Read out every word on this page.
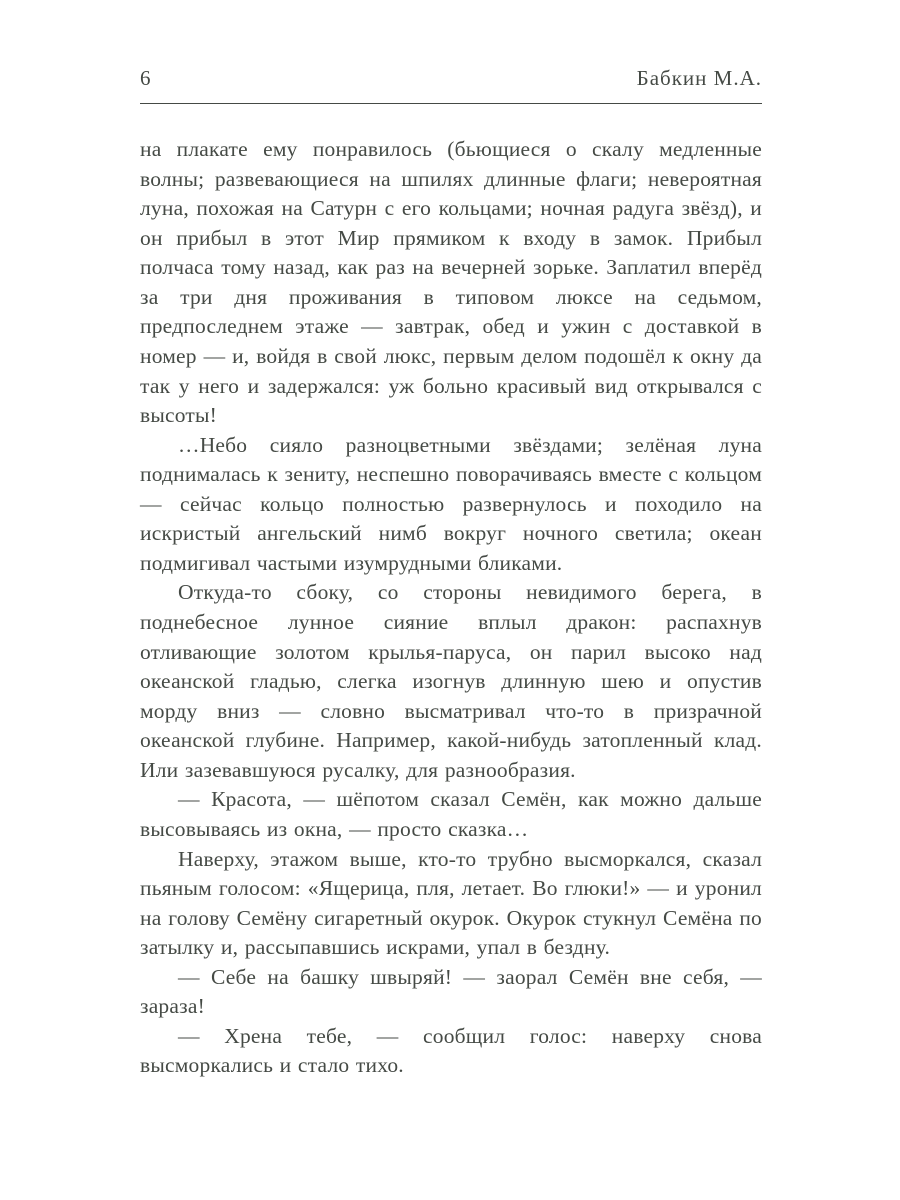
6	Бабкин М.А.

на плакате ему понравилось (бьющиеся о скалу медленные волны; развевающиеся на шпилях длинные флаги; невероятная луна, похожая на Сатурн с его кольцами; ночная радуга звёзд), и он прибыл в этот Мир прямиком к входу в замок. Прибыл полчаса тому назад, как раз на вечерней зорьке. Заплатил вперёд за три дня проживания в типовом люксе на седьмом, предпоследнем этаже — завтрак, обед и ужин с доставкой в номер — и, войдя в свой люкс, первым делом подошёл к окну да так у него и задержался: уж больно красивый вид открывался с высоты!

…Небо сияло разноцветными звёздами; зелёная луна поднималась к зениту, неспешно поворачиваясь вместе с кольцом — сейчас кольцо полностью развернулось и походило на искристый ангельский нимб вокруг ночного светила; океан подмигивал частыми изумрудными бликами.

Откуда-то сбоку, со стороны невидимого берега, в поднебесное лунное сияние вплыл дракон: распахнув отливающие золотом крылья-паруса, он парил высоко над океанской гладью, слегка изогнув длинную шею и опустив морду вниз — словно высматривал что-то в призрачной океанской глубине. Например, какой-нибудь затопленный клад. Или зазевавшуюся русалку, для разнообразия.

— Красота, — шёпотом сказал Семён, как можно дальше высовываясь из окна, — просто сказка…

Наверху, этажом выше, кто-то трубно высморкался, сказал пьяным голосом: «Ящерица, пля, летает. Во глюки!» — и уронил на голову Семёну сигаретный окурок. Окурок стукнул Семёна по затылку и, рассыпавшись искрами, упал в бездну.

— Себе на башку швыряй! — заорал Семён вне себя, — зараза!

— Хрена тебе, — сообщил голос: наверху снова высморкались и стало тихо.
